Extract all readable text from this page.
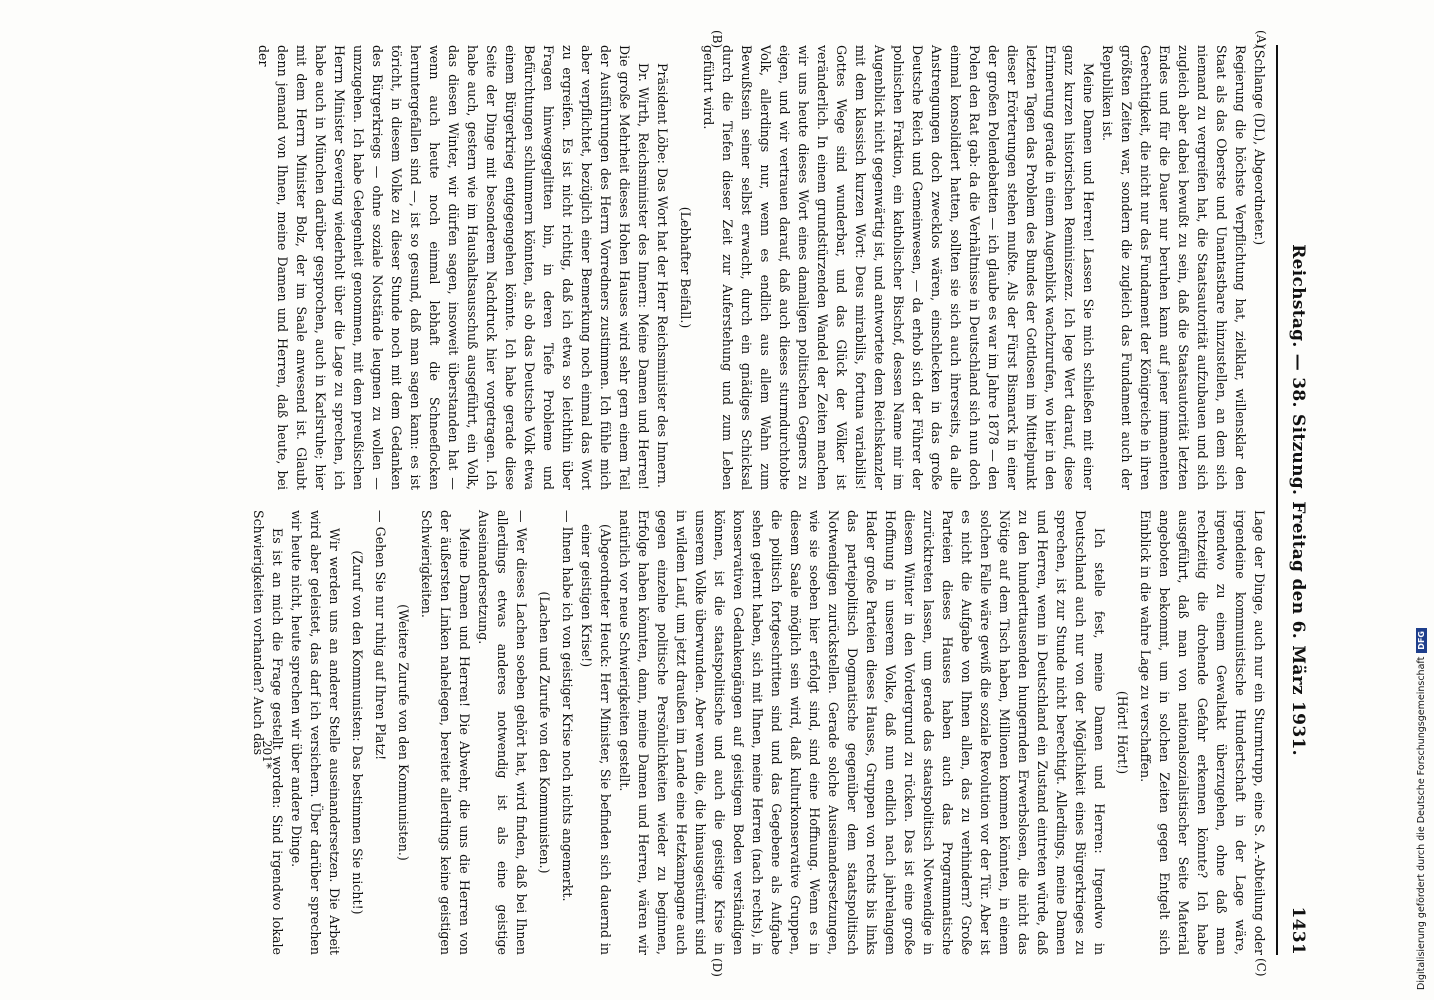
Reichstag. — 38. Sitzung. Freitag den 6. März 1931.
1431
(A)
(B)
(C)
(D)

(Schlange (DL), Abgeordneter.)

Regierung die höchste Verpflichtung hat, zielklar, willensklar den Staat als das Oberste und Unantastbare hinzustellen, an dem sich niemand zu vergreifen hat, die Staatsautorität aufzubauen und sich zugleich aber dabei bewußt zu sein, daß die Staatsautorität letzten Endes und für die Dauer nur beruhen kann auf jener immanenten Gerechtigkeit, die nicht nur das Fundament der Königreiche in ihren größten Zeiten war, sondern die zugleich das Fundament auch der Republiken ist.

Meine Damen und Herren! Lassen Sie mich schließen mit einer ganz kurzen historischen Reminiszenz. Ich lege Wert darauf, diese Erinnerung gerade in einem Augenblick wachzurufen, wo hier in den letzten Tagen das Problem des Bundes der Gottlosen im Mittelpunkt dieser Erörterungen stehen mußte. Als der Fürst Bismarck in einer der großen Polendebatten — ich glaube es war im Jahre 1878 — den Polen den Rat gab: da die Verhältnisse in Deutschland sich nun doch einmal konsolidiert hatten, sollten sie sich auch ihrerseits, da alle Anstrengungen doch zwecklos wären, einschlecken in das große Deutsche Reich und Gemeinwesen, — da erhob sich der Führer der polnischen Fraktion, ein katholischer Bischof, dessen Name mir im Augenblick nicht gegenwärtig ist, und antwortete dem Reichskanzler mit dem klassisch kurzen Wort: Deus mirabilis, fortuna variabilis! Gottes Wege sind wunderbar, und das Glück der Völker ist veränderlich. In einem grundstürzenden Wandel der Zeiten machen wir uns heute dieses Wort eines damaligen politischen Gegners zu eigen, und wir vertrauen darauf, daß auch dieses sturmdurchtobte Volk, allerdings nur, wenn es endlich aus allem Wahn zum Bewußtsein seiner selbst erwacht, durch ein gnädiges Schicksal durch die Tiefen dieser Zeit zur Auferstehung und zum Leben geführt wird.

(Lebhafter Beifall.)

Präsident Löbe: Das Wort hat der Herr Reichsminister des Innern.

Dr. Wirth, Reichsminister des Innern: Meine Damen und Herren! Die große Mehrheit dieses Hohen Hauses wird sehr gern einem Teil der Ausführungen des Herrn Vorredners zustimmen. Ich fühle mich aber verpflichtet, bezüglich einer Bemerkung noch einmal das Wort zu ergreifen. Es ist nicht richtig, daß ich etwa so leichthin über Fragen hinweggeglitten bin, in deren Tiefe Probleme und Befürchtungen schlummern könnten, als ob das Deutsche Volk etwa einem Bürgerkrieg entgegengehen könnte. Ich habe gerade diese Seite der Dinge mit besonderem Nachdruck hier vorgetragen. Ich habe auch, gestern wie im Haushaltsausschuß ausgeführt, ein Volk, das diesen Winter, wir dürfen sagen, insoweit überstanden hat — wenn auch heute noch einmal lebhaft die Schneeflocken heruntergefallen sind —, ist so gesund, daß man sagen kann: es ist töricht, in diesem Volke zu dieser Stunde noch mit dem Gedanken des Bürgerkriegs — ohne soziale Notstände leugnen zu wollen — umzugehen. Ich habe Gelegenheit genommen, mit dem preußischen Herrn Minister Severing wiederholt über die Lage zu sprechen, ich habe auch in München darüber gesprochen, auch in Karlsruhe; hier mit dem Herrn Minister Bolz, der im Saale anwesend ist. Glaubt denn jemand von Ihnen, meine Damen und Herren, daß heute, bei der

Lage der Dinge, auch nur ein Sturmtrupp, eine S. A.-Abteilung oder irgendeine kommunistische Hundertschaft in der Lage wäre, irgendwo zu einem Gewaltakt überzugehen, ohne daß man rechtzeitig die drohende Gefahr erkennen könnte? Ich habe ausgeführt, daß man von nationalsozialistischer Seite Material angeboten bekommt, um in solchen Zeiten gegen Entgelt sich Einblick in die wahre Lage zu verschaffen.

(Hört! Hört!)

Ich stelle fest, meine Damen und Herren: Irgendwo in Deutschland auch nur von der Möglichkeit eines Bürgerkrieges zu sprechen, ist zur Stunde nicht berechtigt. Allerdings, meine Damen und Herren, wenn in Deutschland ein Zustand eintreten würde, daß zu den hunderttausenden hungernden Erwerbslosen, die nicht das Nötige auf dem Tisch haben, Millionen kommen könnten, in einem solchen Falle wäre gewiß die soziale Revolution vor der Tür. Aber ist es nicht die Aufgabe von Ihnen allen, das zu verhindern? Große Parteien dieses Hauses haben auch das Programmatische zurücktreten lassen, um gerade das staatspolitisch Notwendige in diesem Winter in den Vordergrund zu rücken. Das ist eine große Hoffnung in unserem Volke, daß nun endlich nach jahrelangem Hader große Parteien dieses Hauses, Gruppen von rechts bis links das parteipolitisch Dogmatische gegenüber dem staatspolitisch Notwendigen zurückstellen. Gerade solche Auseinandersetzungen, wie sie soeben hier erfolgt sind, sind eine Hoffnung. Wenn es in diesem Saale möglich sein wird, daß kulturkonservative Gruppen, die politisch fortgeschritten sind und das Gegebene als Aufgabe sehen gelernt haben, sich mit Ihnen, meine Herren (nach rechts), in konservativen Gedankengängen auf geistigem Boden verständigen können, ist die staatspolitische und auch die geistige Krise in unserem Volke überwunden. Aber wenn die, die hinausgestürmt sind in wildem Lauf, um jetzt draußen im Lande eine Hetzkampagne auch gegen einzelne politische Persönlichkeiten wieder zu beginnen, Erfolge haben könnten, dann, meine Damen und Herren, wären wir natürlich vor neue Schwierigkeiten gestellt.

(Abgeordneter Heuck: Herr Minister, Sie befinden sich dauernd in einer geistigen Krise!)

— Ihnen habe ich von geistiger Krise noch nichts angemerkt.

(Lachen und Zurufe von den Kommunisten.)

— Wer dieses Lachen soeben gehört hat, wird finden, daß bei Ihnen allerdings etwas anderes notwendig ist als eine geistige Auseinandersetzung.

Meine Damen und Herren! Die Abwehr, die uns die Herren von der äußersten Linken nahelegen, bereitet allerdings keine geistigen Schwierigkeiten.

(Weitere Zurufe von den Kommunisten.)

— Gehen Sie nur ruhig auf Ihren Platz!

(Zuruf von den Kommunisten: Das bestimmen Sie nicht!)

Wir werden uns an anderer Stelle auseinandersetzen. Die Arbeit wird aber geleistet, das darf ich versichern. Über darüber sprechen wir heute nicht, heute sprechen wir über andere Dinge.

Es ist an mich die Frage gestellt worden: Sind irgendwo lokale Schwierigkeiten vorhanden? Auch das

201*	Digitalisierung gefördert durch die Deutsche Forschungsgemeinschaft
DFG
